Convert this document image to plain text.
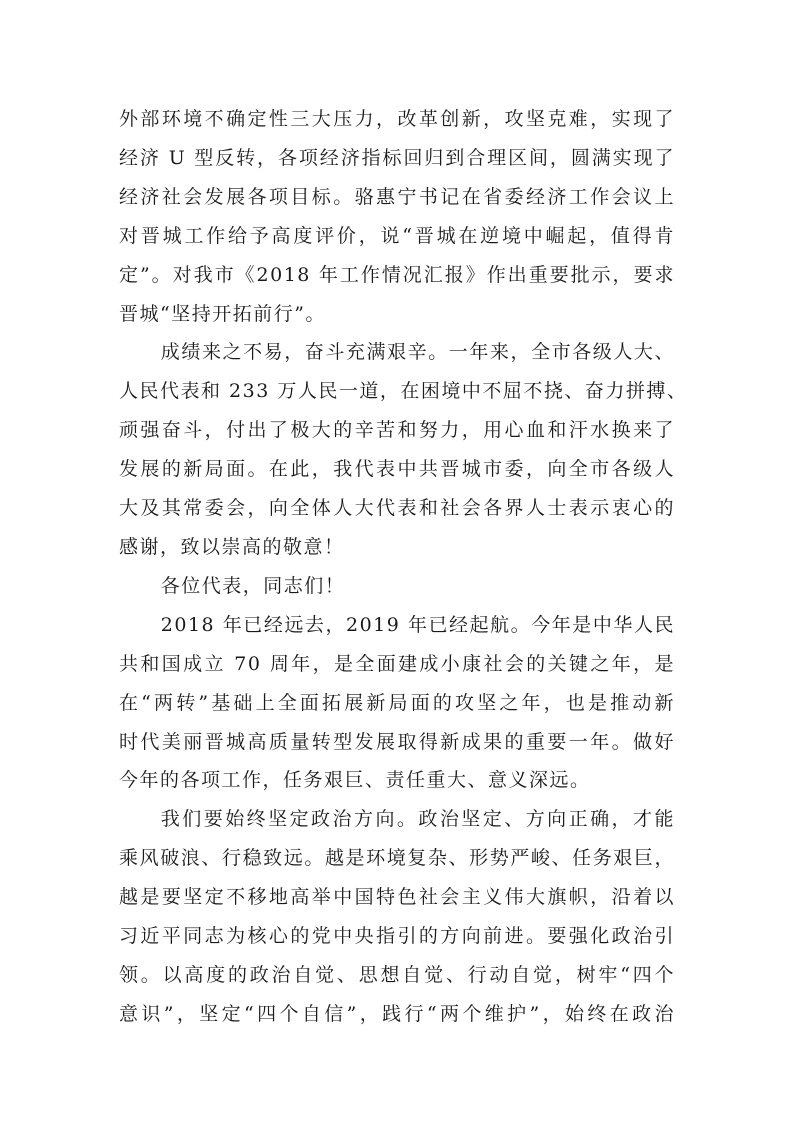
外部环境不确定性三大压力，改革创新，攻坚克难，实现了
经济 U 型反转，各项经济指标回归到合理区间，圆满实现了
经济社会发展各项目标。骆惠宁书记在省委经济工作会议上
对晋城工作给予高度评价，说“晋城在逆境中崛起，值得肯
定”。对我市《2018 年工作情况汇报》作出重要批示，要求
晋城“坚持开拓前行”。
成绩来之不易，奋斗充满艰辛。一年来，全市各级人大、
人民代表和 233 万人民一道，在困境中不屈不挠、奋力拼搏、
顽强奋斗，付出了极大的辛苦和努力，用心血和汗水换来了
发展的新局面。在此，我代表中共晋城市委，向全市各级人
大及其常委会，向全体人大代表和社会各界人士表示衷心的
感谢，致以崇高的敬意！
各位代表，同志们！
2018 年已经远去，2019 年已经起航。今年是中华人民
共和国成立 70 周年，是全面建成小康社会的关键之年，是
在“两转”基础上全面拓展新局面的攻坚之年，也是推动新
时代美丽晋城高质量转型发展取得新成果的重要一年。做好
今年的各项工作，任务艰巨、责任重大、意义深远。
我们要始终坚定政治方向。政治坚定、方向正确，才能
乘风破浪、行稳致远。越是环境复杂、形势严峻、任务艰巨，
越是要坚定不移地高举中国特色社会主义伟大旗帜，沿着以
习近平同志为核心的党中央指引的方向前进。要强化政治引
领。以高度的政治自觉、思想自觉、行动自觉，树牢“四个
意识”，坚定“四个自信”，践行“两个维护”，始终在政治
